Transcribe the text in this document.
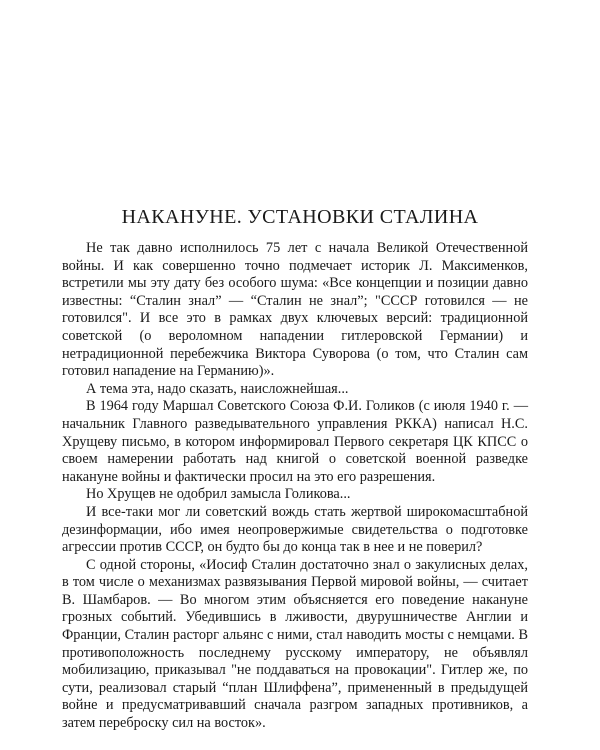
НАКАНУНЕ. УСТАНОВКИ СТАЛИНА

Не так давно исполнилось 75 лет с начала Великой Отечественной войны. И как совершенно точно подмечает историк Л. Максименков, встретили мы эту дату без особого шума: «Все концепции и позиции давно известны: “Сталин знал” — “Сталин не знал”; "СССР готовился — не готовился". И все это в рамках двух ключевых версий: традиционной советской (о вероломном нападении гитлеровской Германии) и нетрадиционной перебежчика Виктора Суворова (о том, что Сталин сам готовил нападение на Германию)».

А тема эта, надо сказать, наисложнейшая...

В 1964 году Маршал Советского Союза Ф.И. Голиков (с июля 1940 г. — начальник Главного разведывательного управления РККА) написал Н.С. Хрущеву письмо, в котором информировал Первого секретаря ЦК КПСС о своем намерении работать над книгой о советской военной разведке накануне войны и фактически просил на это его разрешения.

Но Хрущев не одобрил замысла Голикова...

И все-таки мог ли советский вождь стать жертвой широкомасштабной дезинформации, ибо имея неопровержимые свидетельства о подготовке агрессии против СССР, он будто бы до конца так в нее и не поверил?

С одной стороны, «Иосиф Сталин достаточно знал о закулисных делах, в том числе о механизмах развязывания Первой мировой войны, — считает В. Шамбаров. — Во многом этим объясняется его поведение накануне грозных событий. Убедившись в лживости, двурушничестве Англии и Франции, Сталин расторг альянс с ними, стал наводить мосты с немцами. В противоположность последнему русскому императору, не объявлял мобилизацию, приказывал "не поддаваться на провокации". Гитлер же, по сути, реализовал старый “план Шлиффена”, примененный в предыдущей войне и предусматривавший сначала разгром западных противников, а затем переброску сил на восток».
